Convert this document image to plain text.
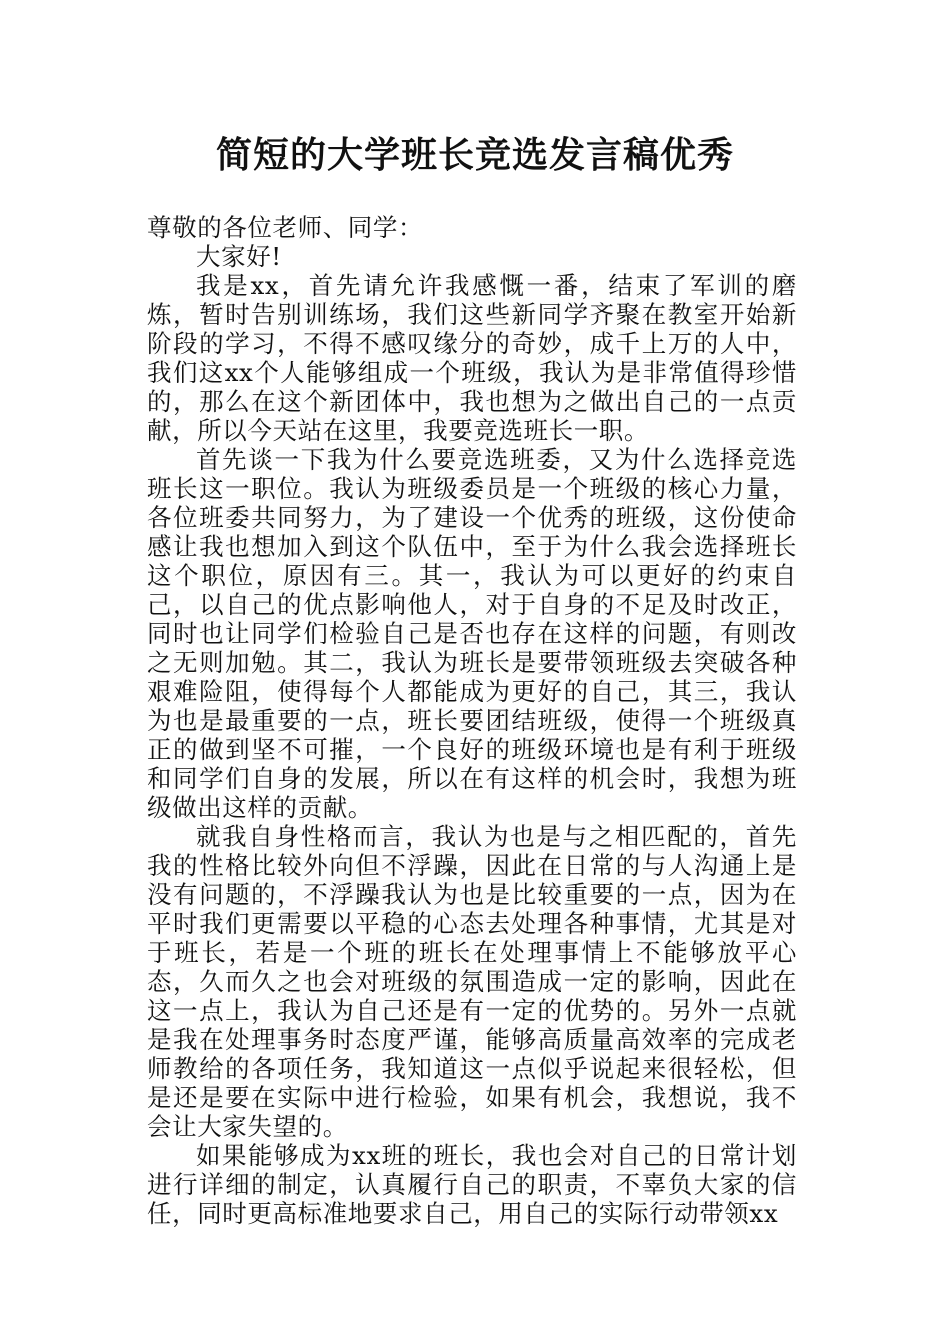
简短的大学班长竞选发言稿优秀

尊敬的各位老师、同学：

大家好!

我是xx，首先请允许我感慨一番，结束了军训的磨炼，暂时告别训练场，我们这些新同学齐聚在教室开始新阶段的学习，不得不感叹缘分的奇妙，成千上万的人中，我们这xx个人能够组成一个班级，我认为是非常值得珍惜的，那么在这个新团体中，我也想为之做出自己的一点贡献，所以今天站在这里，我要竞选班长一职。

首先谈一下我为什么要竞选班委，又为什么选择竞选班长这一职位。我认为班级委员是一个班级的核心力量，各位班委共同努力，为了建设一个优秀的班级，这份使命感让我也想加入到这个队伍中，至于为什么我会选择班长这个职位，原因有三。其一，我认为可以更好的约束自己，以自己的优点影响他人，对于自身的不足及时改正，同时也让同学们检验自己是否也存在这样的问题，有则改之无则加勉。其二，我认为班长是要带领班级去突破各种艰难险阻，使得每个人都能成为更好的自己，其三，我认为也是最重要的一点，班长要团结班级，使得一个班级真正的做到坚不可摧，一个良好的班级环境也是有利于班级和同学们自身的发展，所以在有这样的机会时，我想为班级做出这样的贡献。

就我自身性格而言，我认为也是与之相匹配的，首先我的性格比较外向但不浮躁，因此在日常的与人沟通上是没有问题的，不浮躁我认为也是比较重要的一点，因为在平时我们更需要以平稳的心态去处理各种事情，尤其是对于班长，若是一个班的班长在处理事情上不能够放平心态，久而久之也会对班级的氛围造成一定的影响，因此在这一点上，我认为自己还是有一定的优势的。另外一点就是我在处理事务时态度严谨，能够高质量高效率的完成老师教给的各项任务，我知道这一点似乎说起来很轻松，但是还是要在实际中进行检验，如果有机会，我想说，我不会让大家失望的。

如果能够成为xx班的班长，我也会对自己的日常计划进行详细的制定，认真履行自己的职责，不辜负大家的信任，同时更高标准地要求自己，用自己的实际行动带领xx
